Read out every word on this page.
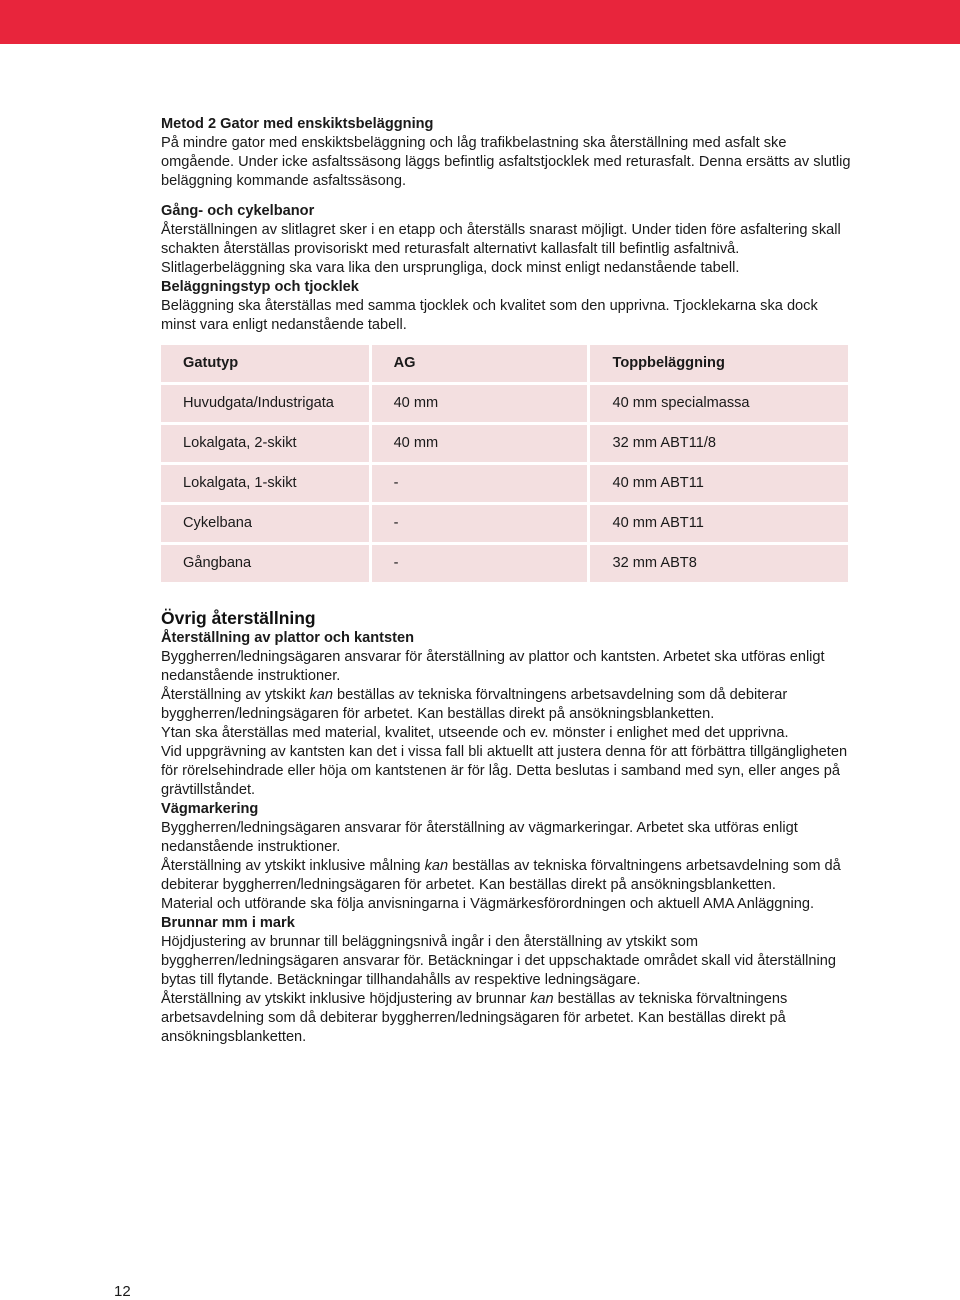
Metod 2 Gator med enskiktsbeläggning

På mindre gator med enskiktsbeläggning och låg trafikbelastning ska återställning med asfalt ske omgående. Under icke asfaltssäsong läggs befintlig asfaltstjocklek med returasfalt. Denna ersätts av slutlig beläggning kommande asfaltssäsong.

Gång- och cykelbanor

Återställningen av slitlagret sker i en etapp och återställs snarast möjligt. Under tiden före asfaltering skall schakten återställas provisoriskt med returasfalt alternativt kallasfalt till befintlig asfaltnivå.

Slitlagerbeläggning ska vara lika den ursprungliga, dock minst enligt nedanstående tabell.

Beläggningstyp och tjocklek

Beläggning ska återställas med samma tjocklek och kvalitet som den upprivna. Tjocklekarna ska dock minst vara enligt nedanstående tabell.

Gatutyp	AG	Toppbeläggning
Huvudgata/Industrigata	40 mm	40 mm specialmassa
Lokalgata, 2-skikt	40 mm	32 mm ABT11/8
Lokalgata, 1-skikt	-	40 mm ABT11
Cykelbana	-	40 mm ABT11
Gångbana	-	32 mm ABT8

Övrig återställning

Återställning av plattor och kantsten

Byggherren/ledningsägaren ansvarar för återställning av plattor och kantsten. Arbetet ska utföras enligt nedanstående instruktioner.

Återställning av ytskikt kan beställas av tekniska förvaltningens arbetsavdelning som då debiterar byggherren/ledningsägaren för arbetet. Kan beställas direkt på ansökningsblanketten.

Ytan ska återställas med material, kvalitet, utseende och ev. mönster i enlighet med det upprivna.

Vid uppgrävning av kantsten kan det i vissa fall bli aktuellt att justera denna för att förbättra tillgängligheten för rörelsehindrade eller höja om kantstenen är för låg. Detta beslutas i samband med syn, eller anges på grävtillståndet.

Vägmarkering

Byggherren/ledningsägaren ansvarar för återställning av vägmarkeringar. Arbetet ska utföras enligt nedanstående instruktioner.

Återställning av ytskikt inklusive målning kan beställas av tekniska förvaltningens arbetsavdelning som då debiterar byggherren/ledningsägaren för arbetet. Kan beställas direkt på ansökningsblanketten.

Material och utförande ska följa anvisningarna i Vägmärkesförordningen och aktuell AMA Anläggning.

Brunnar mm i mark

Höjdjustering av brunnar till beläggningsnivå ingår i den återställning av ytskikt som byggherren/ledningsägaren ansvarar för. Betäckningar i det uppschaktade området skall vid återställning bytas till flytande. Betäckningar tillhandahålls av respektive ledningsägare.

Återställning av ytskikt inklusive höjdjustering av brunnar kan beställas av tekniska förvaltningens arbetsavdelning som då debiterar byggherren/ledningsägaren för arbetet. Kan beställas direkt på ansökningsblanketten.

12
